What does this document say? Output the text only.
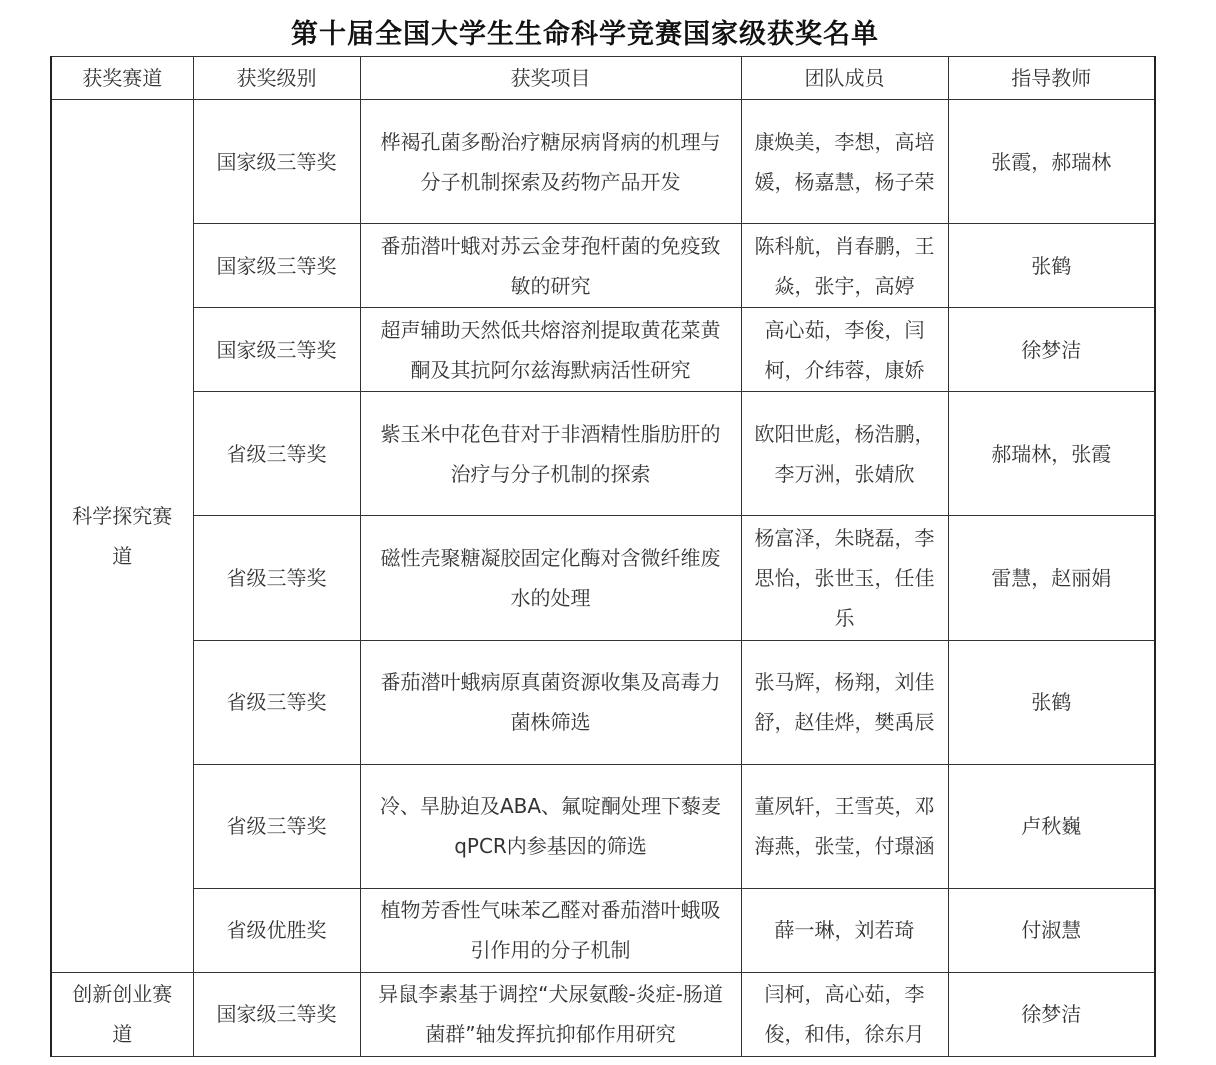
第十届全国大学生生命科学竞赛国家级获奖名单
获奖赛道	获奖级别	获奖项目	团队成员	指导教师
科学探究赛道	国家级三等奖	桦褐孔菌多酚治疗糖尿病肾病的机理与分子机制探索及药物产品开发	康焕美，李想，高培媛，杨嘉慧，杨子荣	张霞，郝瑞林
	国家级三等奖	番茄潜叶蛾对苏云金芽孢杆菌的免疫致敏的研究	陈科航，肖春鹏，王焱，张宇，高婷	张鹤
	国家级三等奖	超声辅助天然低共熔溶剂提取黄花菜黄酮及其抗阿尔兹海默病活性研究	高心茹，李俊，闫柯，介纬蓉，康娇	徐梦洁
	省级三等奖	紫玉米中花色苷对于非酒精性脂肪肝的治疗与分子机制的探索	欧阳世彪，杨浩鹏，李万洲，张婧欣	郝瑞林，张霞
	省级三等奖	磁性壳聚糖凝胶固定化酶对含微纤维废水的处理	杨富泽，朱晓磊，李思怡，张世玉，任佳乐	雷慧，赵丽娟
	省级三等奖	番茄潜叶蛾病原真菌资源收集及高毒力菌株筛选	张马辉，杨翔，刘佳舒，赵佳烨，樊禹辰	张鹤
	省级三等奖	冷、旱胁迫及ABA、氟啶酮处理下藜麦qPCR内参基因的筛选	董夙轩，王雪英，邓海燕，张莹，付璟涵	卢秋巍
	省级优胜奖	植物芳香性气味苯乙醛对番茄潜叶蛾吸引作用的分子机制	薛一琳，刘若琦	付淑慧
创新创业赛道	国家级三等奖	异鼠李素基于调控“犬尿氨酸-炎症-肠道菌群”轴发挥抗抑郁作用研究	闫柯，高心茹，李俊，和伟，徐东月	徐梦洁
